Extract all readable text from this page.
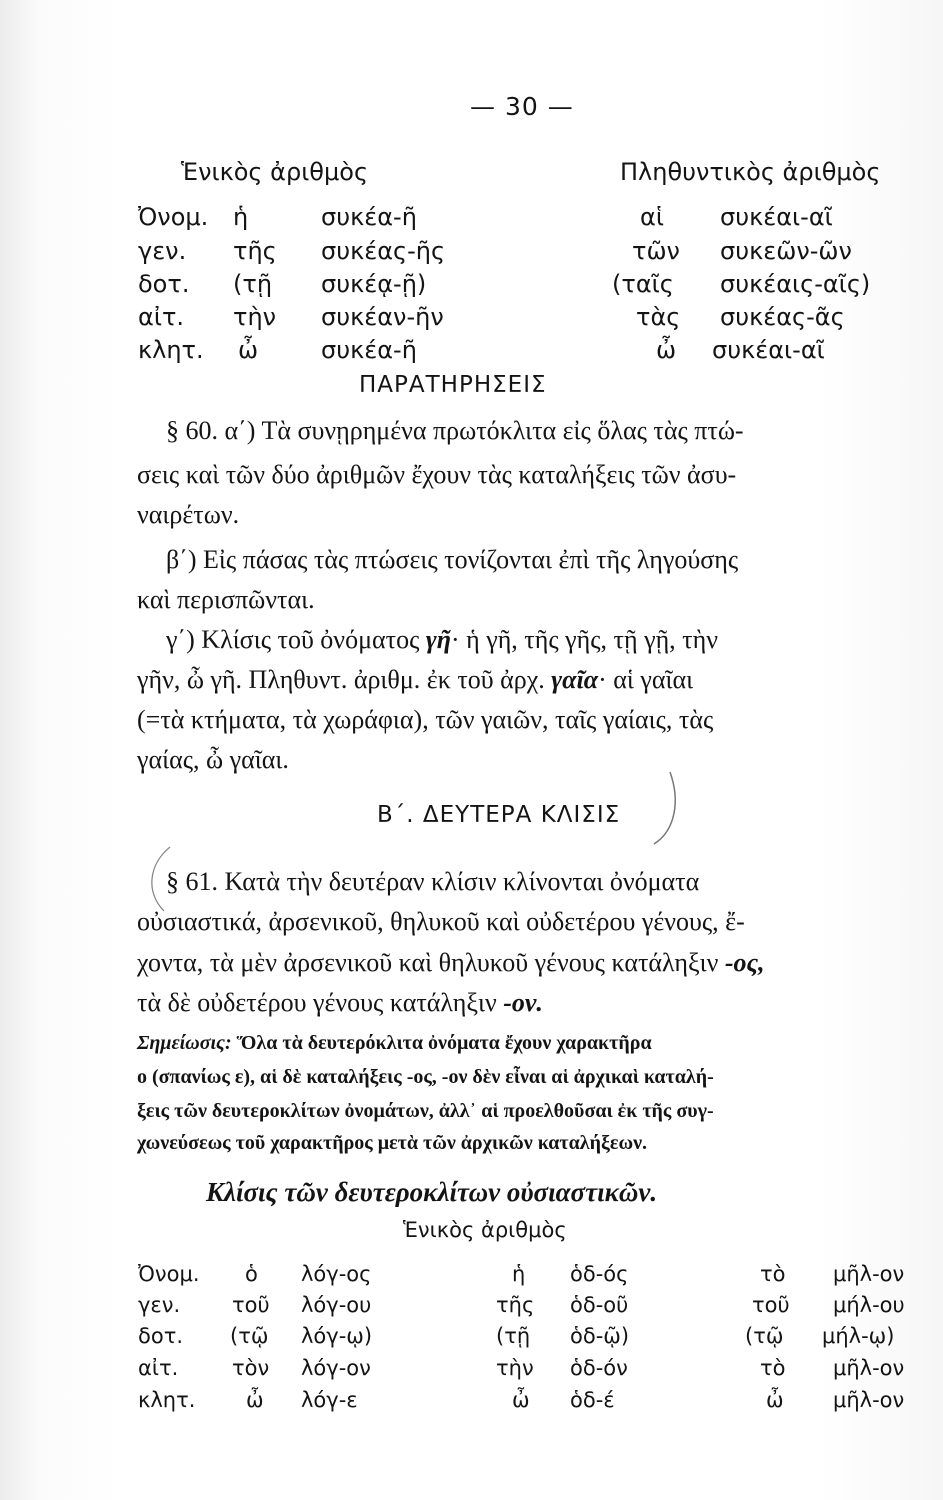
— 30 —
Ἑνικὸς ἀριθμὸς	Πληθυντικὸς ἀριθμὸς
Ὀνομ. ἡ	συκέα-ῆ	αἱ συκέαι-αῖ
γεν. τῆς συκέας-ῆς	τῶν συκεῶν-ῶν
δοτ. (τῇ συκέᾳ-ῇ)	(ταῖς συκέαις-αῖς)
αἰτ. τὴν συκέαν-ῆν	τὰς συκέας-ᾶς
κλητ. ὦ	συκέα-ῆ	ὦ συκέαι-αῖ
ΠΑΡΑΤΗΡΗΣΕΙΣ
§ 60. α΄) Τὰ συνῃρημένα πρωτόκλιτα εἰς ὅλας τὰς πτώ-
σεις καὶ τῶν δύο ἀριθμῶν ἔχουν τὰς καταλήξεις τῶν ἀσυ-
ναιρέτων.
β΄) Εἰς πάσας τὰς πτώσεις τονίζονται ἐπὶ τῆς ληγούσης
καὶ περισπῶνται.
γ΄) Κλίσις τοῦ ὀνόματος γῆ· ἡ γῆ, τῆς γῆς, τῇ γῇ, τὴν
γῆν, ὦ γῆ. Πληθυντ. ἀριθμ. ἐκ τοῦ ἀρχ. γαῖα· αἱ γαῖαι
(=τὰ κτήματα, τὰ χωράφια), τῶν γαιῶν, ταῖς γαίαις, τὰς
γαίας, ὦ γαῖαι.
Β΄. ΔΕΥΤΕΡΑ ΚΛΙΣΙΣ
§ 61. Κατὰ τὴν δευτέραν κλίσιν κλίνονται ὀνόματα
οὐσιαστικά, ἀρσενικοῦ, θηλυκοῦ καὶ οὐδετέρου γένους, ἔ-
χοντα, τὰ μὲν ἀρσενικοῦ καὶ θηλυκοῦ γένους κατάληξιν -ος,
τὰ δὲ οὐδετέρου γένους κατάληξιν -ον.
Σημείωσις: Ὅλα τὰ δευτερόκλιτα ὀνόματα ἔχουν χαρακτῆρα
ο (σπανίως ε), αἱ δὲ καταλήξεις -ος, -ον δὲν εἶναι αἱ ἀρχικαὶ καταλή-
ξεις τῶν δευτεροκλίτων ὀνομάτων, ἀλλ᾽ αἱ προελθοῦσαι ἐκ τῆς συγ-
χωνεύσεως τοῦ χαρακτῆρος μετὰ τῶν ἀρχικῶν καταλήξεων.
Κλίσις τῶν δευτεροκλίτων οὐσιαστικῶν.
Ἑνικὸς ἀριθμὸς
Ὀνομ. ὁ λόγ-ος	ἡ ὁδ-ός	τὸ μῆλ-ον
γεν. τοῦ λόγ-ου	τῆς ὁδ-οῦ	τοῦ μήλ-ου
δοτ. (τῷ λόγ-ῳ)	(τῇ ὁδ-ῷ)	(τῷ μήλ-ῳ)
αἰτ.	τὸν λόγ-ον	τὴν ὁδ-όν	τὸ μῆλ-ον
κλητ. ὦ λόγ-ε	ὦ ὁδ-έ	ὦ μῆλ-ον
